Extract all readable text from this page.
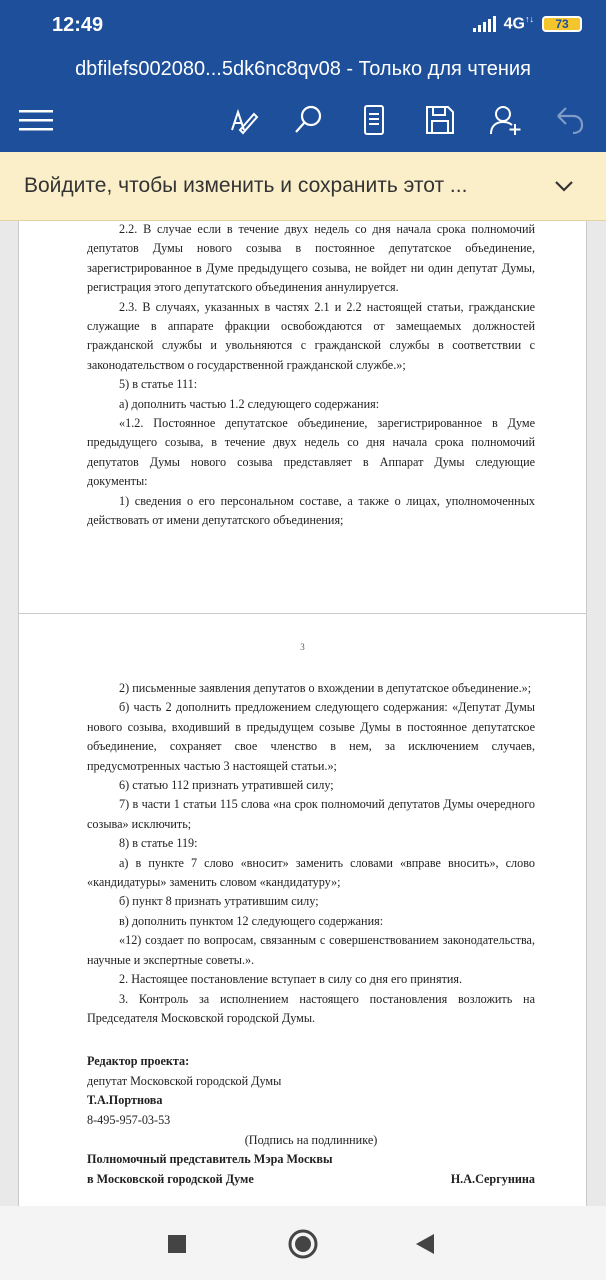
12:49	4G↑↓ 73
dbfilefs002080...5dk6nc8qv08 - Только для чтения
Войдите, чтобы изменить и сохранить этот ...

2.2. В случае если в течение двух недель со дня начала срока полномочий депутатов Думы нового созыва в постоянное депутатское объединение, зарегистрированное в Думе предыдущего созыва, не войдет ни один депутат Думы, регистрация этого депутатского объединения аннулируется.

2.3. В случаях, указанных в частях 2.1 и 2.2 настоящей статьи, гражданские служащие в аппарате фракции освобождаются от замещаемых должностей гражданской службы и увольняются с гражданской службы в соответствии с законодательством о государственной гражданской службе.»;

5) в статье 111:

а) дополнить частью 1.2 следующего содержания:

«1.2. Постоянное депутатское объединение, зарегистрированное в Думе предыдущего созыва, в течение двух недель со дня начала срока полномочий депутатов Думы нового созыва представляет в Аппарат Думы следующие документы:

1) сведения о его персональном составе, а также о лицах, уполномоченных действовать от имени депутатского объединения;

3

2) письменные заявления депутатов о вхождении в депутатское объединение.»;

б) часть 2 дополнить предложением следующего содержания: «Депутат Думы нового созыва, входивший в предыдущем созыве Думы в постоянное депутатское объединение, сохраняет свое членство в нем, за исключением случаев, предусмотренных частью 3 настоящей статьи.»;

6) статью 112 признать утратившей силу;

7) в части 1 статьи 115 слова «на срок полномочий депутатов Думы очередного созыва» исключить;

8) в статье 119:

а) в пункте 7 слово «вносит» заменить словами «вправе вносить», слово «кандидатуры» заменить словом «кандидатуру»;

б) пункт 8 признать утратившим силу;

в) дополнить пунктом 12 следующего содержания:

«12) создает по вопросам, связанным с совершенствованием законодательства, научные и экспертные советы.».

2. Настоящее постановление вступает в силу со дня его принятия.

3. Контроль за исполнением настоящего постановления возложить на Председателя Московской городской Думы.

Редактор проекта:

депутат Московской городской Думы

Т.А.Портнова

8-495-957-03-53

(Подпись на подлиннике)

Полномочный представитель Мэра Москвы

в Московской городской Думе	Н.А.Сергунина
